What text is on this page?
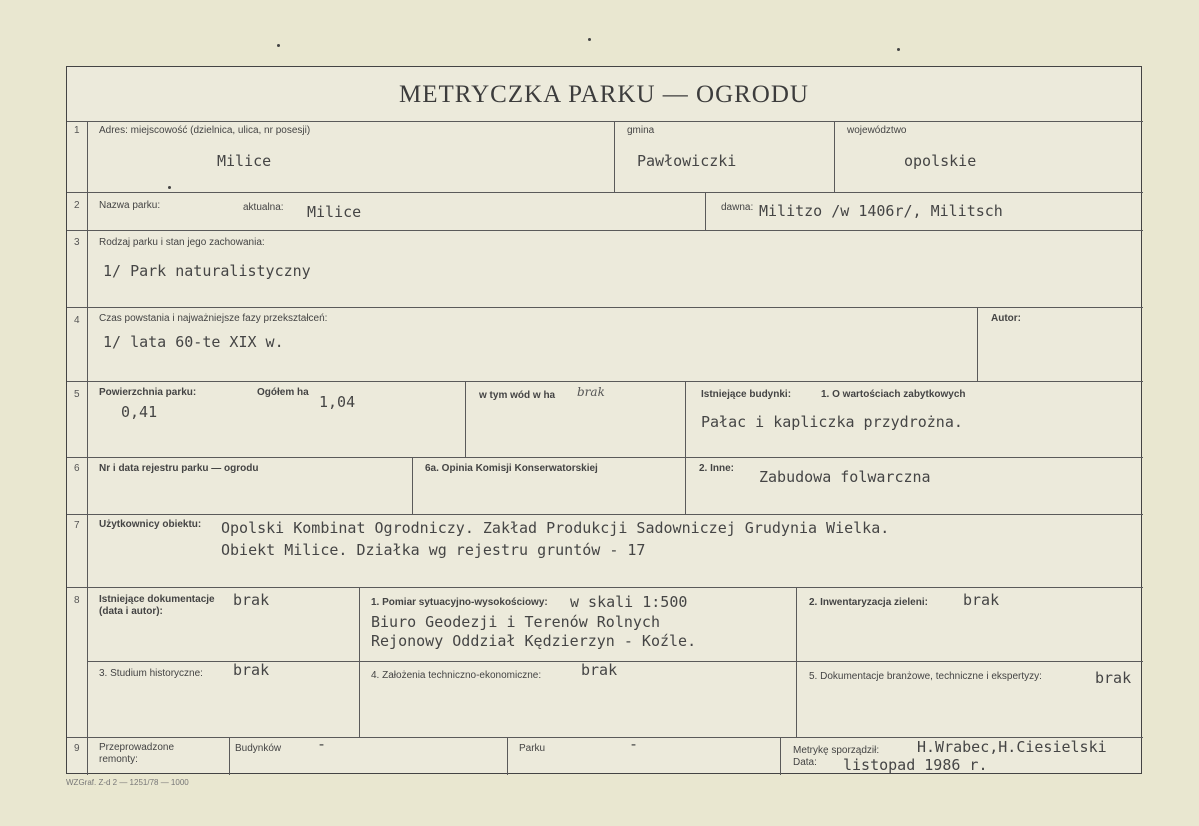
METRYCZKA PARKU — OGRODU
1 Adres: miejscowość (dzielnica, ulica, nr posesji)
Milice
gmina
Pawłowiczki
województwo
opolskie
2 Nazwa parku:	aktualna: Milice	dawna: Militzo /w 1406r/, Militsch
3 Rodzaj parku i stan jego zachowania:
1/ Park naturalistyczny
4 Czas powstania i najważniejsze fazy przekształceń:
1/ lata 60-te XIX w.
Autor:
5 Powierzchnia parku:
0,41
Ogółem ha
1,04	w tym wód w ha brak	Istniejące budynki:	1. O wartościach zabytkowych
Pałac i kapliczka przydrożna.
6 Nr i data rejestru parku — ogrodu	6a. Opinia Komisji Konserwatorskiej	2. Inne: Zabudowa folwarczna
7 Użytkownicy obiektu: Opolski Kombinat Ogrodniczy. Zakład Produkcji Sadowniczej Grudynia Wielka.
Obiekt Milice. Działka wg rejestru gruntów - 17
8 Istniejące dokumentacje
(data i autor):
brak	1. Pomiar sytuacyjno-wysokościowy: w skali 1:500
Biuro Geodezji i Terenów Rolnych
Rejonowy Oddział Kędzierzyn - Koźle.
2. Inwentaryzacja zieleni: brak
3. Studium historyczne: brak	4. Założenia techniczno-ekonomiczne:	brak	5. Dokumentacje branżowe, techniczne i ekspertyzy:	brak
9 Przeprowadzone
remonty:
Budynków -	Parku	-	Metrykę sporządził:	H.Wrabec,H.Ciesielski
Data: listopad 1986 r.
WZGraf. Z-d 2 — 1251/78 — 1000
